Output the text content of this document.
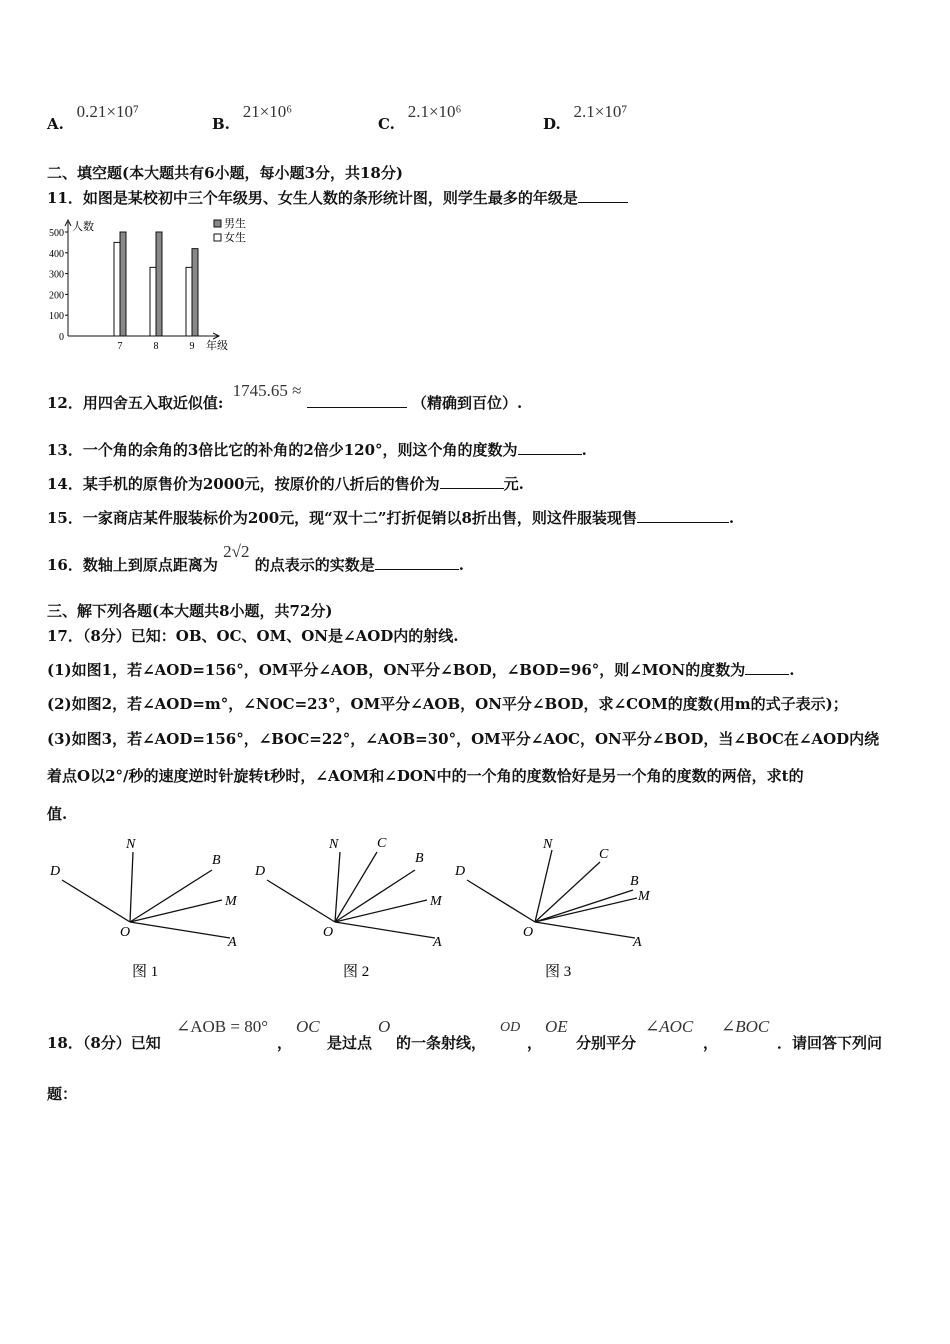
A. 0.21×10⁷
B. 21×10⁶
C. 2.1×10⁶
D. 2.1×10⁷
二、填空题(本大题共有6小题，每小题3分，共18分)
11．如图是某校初中三个年级男、女生人数的条形统计图，则学生最多的年级是
0
100
200
300
400
500
人数
7	8	9 年级
男生
女生
12．用四舍五入取近似值: 1745.65 ≈  （精确到百位）.
13．一个角的余角的3倍比它的补角的2倍少120°，则这个角的度数为	.
14．某手机的原售价为2000元，按原价的八折后的售价为	元.
15．一家商店某件服装标价为200元，现“双十二”打折促销以8折出售，则这件服装现售	.
16．数轴上到原点距离为 2√2 的点表示的实数是	.
三、解下列各题(本大题共8小题，共72分)
17．（8分）已知：OB、OC、OM、ON是∠AOD内的射线.
(1)如图1，若∠AOD=156°，OM平分∠AOB，ON平分∠BOD，∠BOD=96°，则∠MON的度数为	.
(2)如图2，若∠AOD=m°，∠NOC=23°，OM平分∠AOB，ON平分∠BOD，求∠COM的度数(用m的式子表示)；
(3)如图3，若∠AOD=156°，∠BOC=22°，∠AOB=30°，OM平分∠AOC，ON平分∠BOD，当∠BOC在∠AOD内绕
着点O以2°/秒的速度逆时针旋转t秒时，∠AOM和∠DON中的一个角的度数恰好是另一个角的度数的两倍，求t的
值.
D
N
B
M
O
A
图 1
D
N	C
B
M
O
A
图 2
D
N
C
B
M
O
A
图 3
18．（8分）已知
∠AOB = 80°
，
OC
是过点
O
的一条射线，
OD
，
OE
分别平分
∠AOC
，
∠BOC
．请回答下列问
题：
